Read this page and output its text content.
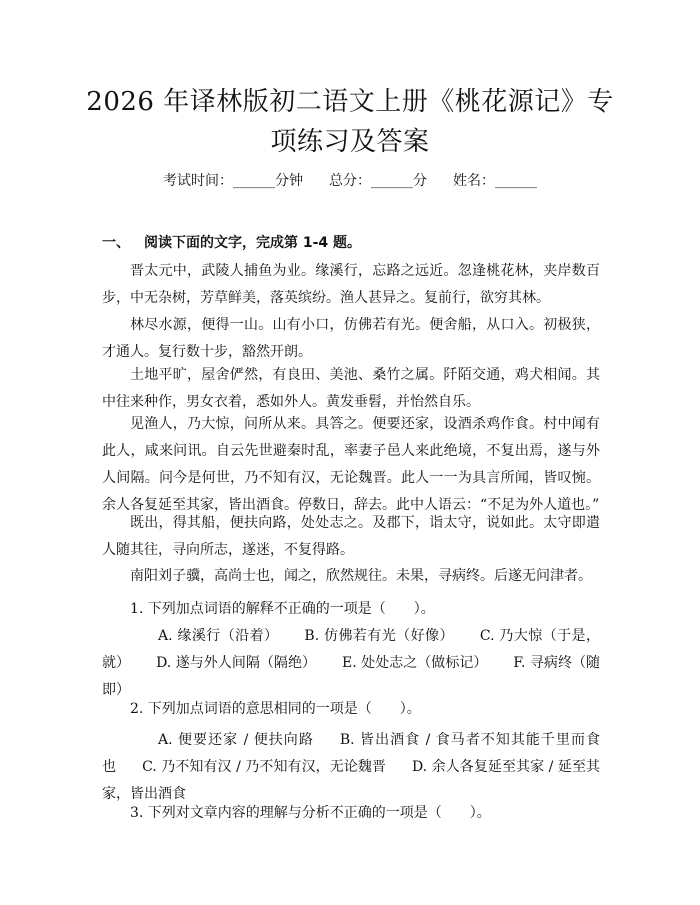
2026 年译林版初二语文上册《桃花源记》专
项练习及答案
考试时间：______分钟 总分：______分 姓名：______
一、 阅读下面的文字，完成第 1-4 题。

晋太元中，武陵人捕鱼为业。缘溪行，忘路之远近。忽逢桃花林，夹岸数百步，中无杂树，芳草鲜美，落英缤纷。渔人甚异之。复前行，欲穷其林。

林尽水源，便得一山。山有小口，仿佛若有光。便舍船，从口入。初极狭，才通人。复行数十步，豁然开朗。

土地平旷，屋舍俨然，有良田、美池、桑竹之属。阡陌交通，鸡犬相闻。其中往来种作，男女衣着，悉如外人。黄发垂髫，并怡然自乐。

见渔人，乃大惊，问所从来。具答之。便要还家，设酒杀鸡作食。村中闻有此人，咸来问讯。自云先世避秦时乱，率妻子邑人来此绝境，不复出焉，遂与外人间隔。问今是何世，乃不知有汉，无论魏晋。此人一一为具言所闻，皆叹惋。余人各复延至其家，皆出酒食。停数日，辞去。此中人语云：“不足为外人道也。”

既出，得其船，便扶向路，处处志之。及郡下，诣太守，说如此。太守即遣人随其往，寻向所志，遂迷，不复得路。

南阳刘子骥，高尚士也，闻之，欣然规往。未果，寻病终。后遂无问津者。

1. 下列加点词语的解释不正确的一项是（　　）。

A. 缘溪行（沿着） B. 仿佛若有光（好像） C. 乃大惊（于是，就） D. 遂与外人间隔（隔绝） E. 处处志之（做标记） F. 寻病终（随即）

2. 下列加点词语的意思相同的一项是（　　）。

A. 便要还家 / 便扶向路 B. 皆出酒食 / 食马者不知其能千里而食也 C. 乃不知有汉 / 乃不知有汉，无论魏晋 D. 余人各复延至其家 / 延至其家，皆出酒食

3. 下列对文章内容的理解与分析不正确的一项是（　　）。
